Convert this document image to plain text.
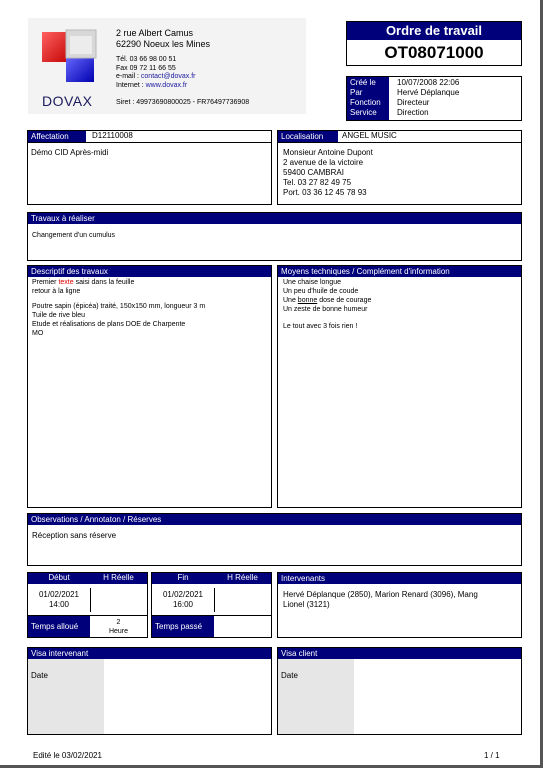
DOVAX
2 rue Albert Camus
62290 Noeux les Mines
Tél. 03 66 98 00 51
Fax 09 72 11 66 55
e-mail : contact@dovax.fr
Internet : www.dovax.fr
Siret : 49973690800025 - FR76497736908
Ordre de travail
OT08071000
Créé le	10/07/2008 22:06
Par	Hervé Déplanque
Fonction Directeur
Service	Direction
Affectation	D12110008
Démo CID Après-midi
Localisation	ANGEL MUSIC
Monsieur Antoine Dupont
2 avenue de la victoire
59400 CAMBRAI
Tel. 03 27 82 49 75
Port. 03 36 12 45 78 93
Travaux à réaliser
Changement d'un cumulus
Descriptif des travaux
Premier texte saisi dans la feuille
retour à la ligne
Poutre sapin (épicéa) traité, 150x150 mm, longueur 3 m
Tuile de rive bleu
Etude et réalisations de plans DOE de Charpente
MO
Moyens techniques / Complément d'information
Une chaise longue
Un peu d'huile de coude
Une bonne dose de courage
Un zeste de bonne humeur
Le tout avec 3 fois rien !
Observations / Annotaton / Réserves
Réception sans réserve
Début	H Réelle
01/02/2021
14:00
Temps alloué	2
Heure
Fin	H Réelle
01/02/2021
16:00
Temps passé
Intervenants
Hervé Déplanque (2850), Marion Renard (3096), Mang
Lionel (3121)
Visa intervenant
Date
Visa client
Date
Edité le 03/02/2021	1 / 1
